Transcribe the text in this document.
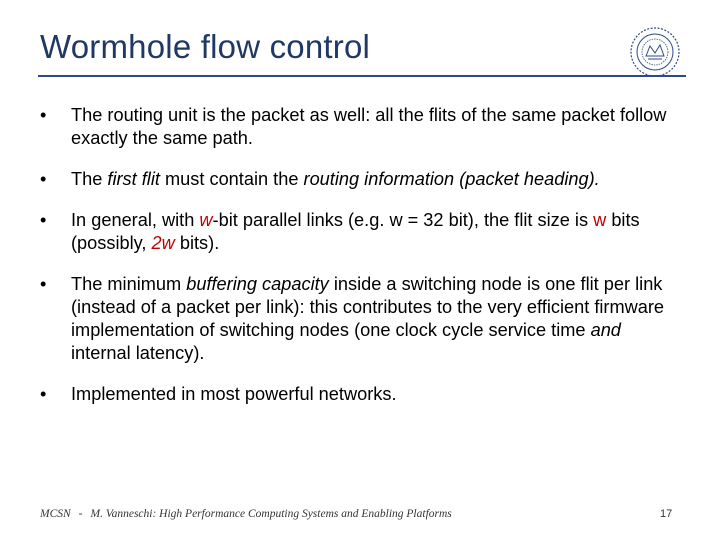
Wormhole flow control
•	The routing unit is the packet as well: all the flits of the same packet follow exactly the same path.
•	The first flit must contain the routing information (packet heading).
•	In general, with w-bit parallel links (e.g. w = 32 bit), the flit size is w bits (possibly, 2w bits).
•	The minimum buffering capacity inside a switching node is one flit per link (instead of a packet per link): this contributes to the very efficient firmware implementation of switching nodes (one clock cycle service time and internal latency).
•	Implemented in most powerful networks.
MCSN - M. Vanneschi: High Performance Computing Systems and Enabling Platforms	17
